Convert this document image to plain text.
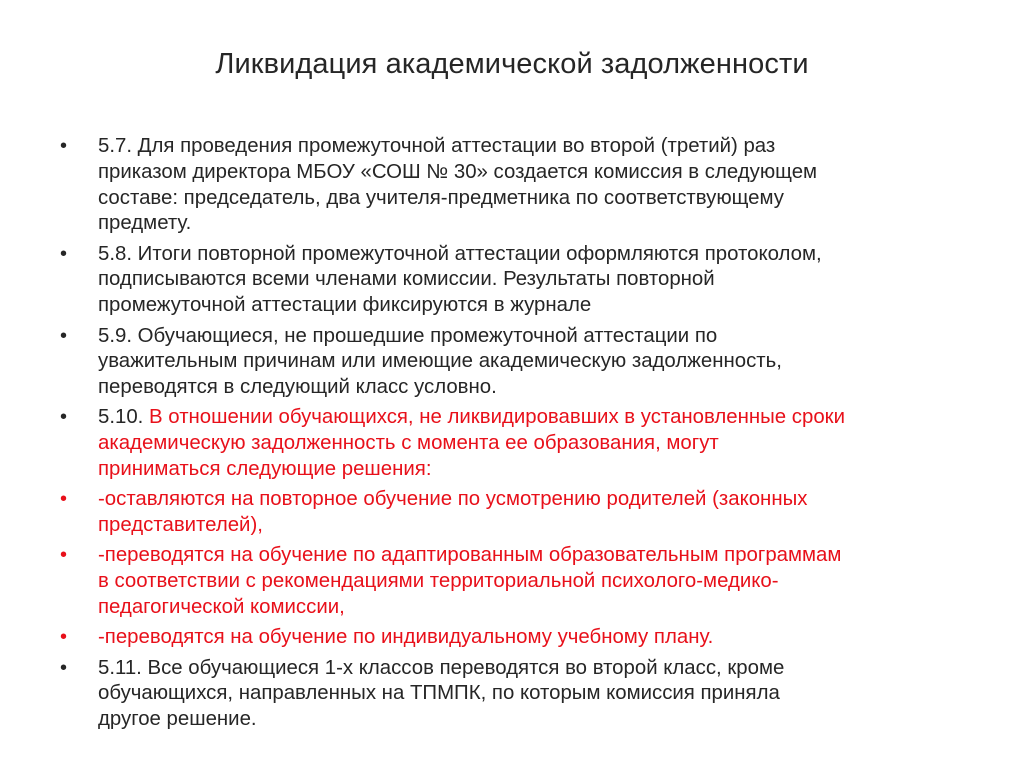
Ликвидация академической задолженности
•	5.7. Для проведения промежуточной аттестации во второй (третий) раз
приказом директора МБОУ «СОШ № 30» создается комиссия в следующем
составе: председатель, два учителя-предметника по соответствующему
предмету.
•	5.8. Итоги повторной промежуточной аттестации оформляются протоколом,
подписываются всеми членами комиссии. Результаты повторной
промежуточной аттестации фиксируются в журнале
•	5.9. Обучающиеся, не прошедшие промежуточной аттестации по
уважительным причинам или имеющие академическую задолженность,
переводятся в следующий класс условно.
•	5.10. В отношении обучающихся, не ликвидировавших в установленные сроки
академическую задолженность с момента ее образования, могут
приниматься следующие решения:
•	-оставляются на повторное обучение по усмотрению родителей (законных
представителей),
•	-переводятся на обучение по адаптированным образовательным программам
в соответствии с рекомендациями территориальной психолого-медико-
педагогической комиссии,
•	-переводятся на обучение по индивидуальному учебному плану.
•	5.11. Все обучающиеся 1-х классов переводятся во второй класс, кроме
обучающихся, направленных на ТПМПК, по которым комиссия приняла
другое решение.
